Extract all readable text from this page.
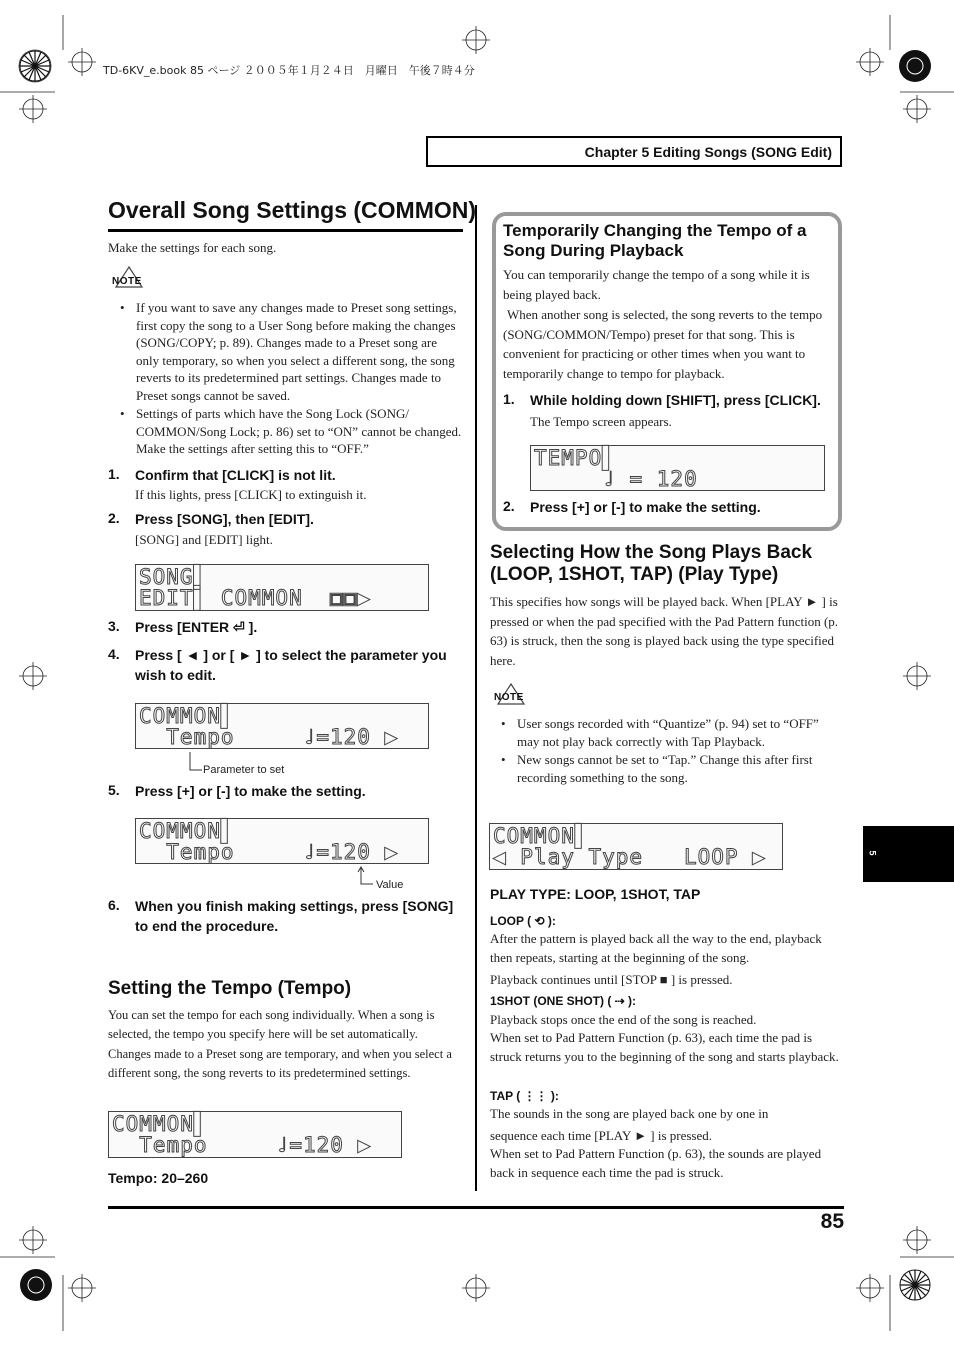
TD-6KV_e.book 85 ページ ２００５年１月２４日　月曜日　午後７時４分
Chapter 5 Editing Songs (SONG Edit)
Overall Song Settings (COMMON)
Make the settings for each song.
NOTE
• If you want to save any changes made to Preset song settings, first copy the song to a User Song before making the changes (SONG/COPY; p. 89). Changes made to a Preset song are only temporary, so when you select a different song, the song reverts to its predetermined part settings. Changes made to Preset songs cannot be saved.
• Settings of parts which have the Song Lock (SONG/ COMMON/Song Lock; p. 86) set to “ON” cannot be changed. Make the settings after setting this to “OFF.”
1. Confirm that [CLICK] is not lit.
If this lights, press [CLICK] to extinguish it.
2. Press [SONG], then [EDIT].
[SONG] and [EDIT] light.
SONG▌
EDIT▌ COMMON  ▣▣▶
3. Press [ENTER ⏎ ].
4. Press [ ◄ ] or [ ► ] to select the parameter you wish to edit.
COMMON▌
Tempo     ♩=120 ▶
Parameter to set
5. Press [+] or [-] to make the setting.
COMMON▌
Tempo     ♩=120 ▶
Value
6. When you finish making settings, press [SONG] to end the procedure.
Setting the Tempo (Tempo)
You can set the tempo for each song individually. When a song is selected, the tempo you specify here will be set automatically.
Changes made to a Preset song are temporary, and when you select a different song, the song reverts to its predetermined settings.
COMMON▌
Tempo     ♩=120 ▶
Tempo: 20–260
Temporarily Changing the Tempo of a Song During Playback
You can temporarily change the tempo of a song while it is being played back.
When another song is selected, the song reverts to the tempo (SONG/COMMON/Tempo) preset for that song. This is convenient for practicing or other times when you want to temporarily change to tempo for playback.
1. While holding down [SHIFT], press [CLICK].
The Tempo screen appears.
TEMPO▌
♩ = 120
2. Press [+] or [-] to make the setting.
Selecting How the Song Plays Back (LOOP, 1SHOT, TAP) (Play Type)
This specifies how songs will be played back. When [PLAY ► ] is pressed or when the pad specified with the Pad Pattern function (p. 63) is struck, then the song is played back using the type specified here.
NOTE
• User songs recorded with “Quantize” (p. 94) set to “OFF” may not play back correctly with Tap Playback.
• New songs cannot be set to “Tap.” Change this after first recording something to the song.
COMMON▌
◀ Play Type   LOOP ▶
PLAY TYPE: LOOP, 1SHOT, TAP
LOOP ( ⟲ ):
After the pattern is played back all the way to the end, playback then repeats, starting at the beginning of the song.
Playback continues until [STOP ■ ] is pressed.
1SHOT (ONE SHOT) ( ⇢ ):
Playback stops once the end of the song is reached.
When set to Pad Pattern Function (p. 63), each time the pad is struck returns you to the beginning of the song and starts playback.
TAP ( ⋮⋮ ):
The sounds in the song are played back one by one in
sequence each time [PLAY ► ] is pressed.
When set to Pad Pattern Function (p. 63), the sounds are played back in sequence each time the pad is struck.
5
85
